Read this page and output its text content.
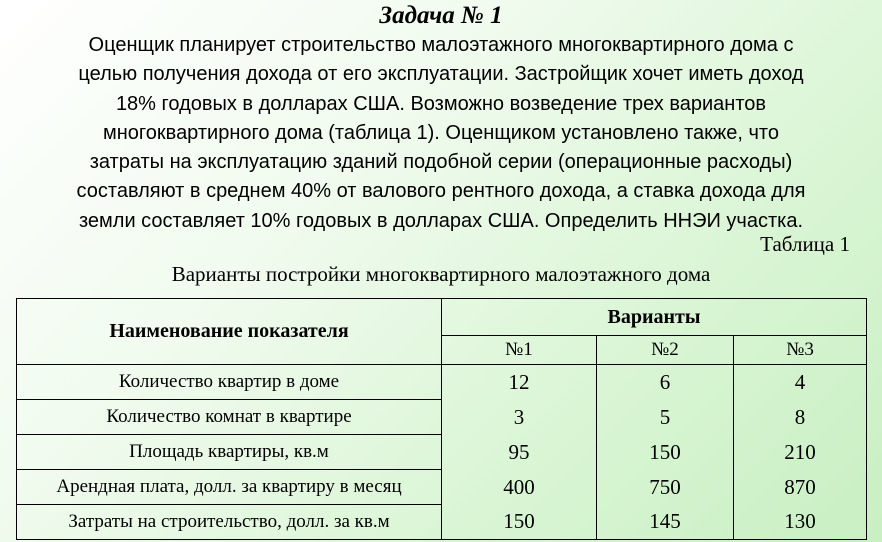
Задача № 1
Оценщик планирует строительство малоэтажного многоквартирного дома с
целью получения дохода от его эксплуатации. Застройщик хочет иметь доход
18% годовых в долларах США. Возможно возведение трех вариантов
многоквартирного дома (таблица 1). Оценщиком установлено также, что
затраты на эксплуатацию зданий подобной серии (операционные расходы)
составляют в среднем 40% от валового рентного дохода, а ставка дохода для
земли составляет 10% годовых в долларах США. Определить ННЭИ участка.
Таблица 1
Варианты постройки многоквартирного малоэтажного дома
Наименование показателя	Варианты		
	№1	№2	№3
Количество квартир в доме	12	6	4
Количество комнат в квартире	3	5	8
Площадь квартиры, кв.м	95	150	210
Арендная плата, долл. за квартиру в месяц	400	750	870
Затраты на строительство, долл. за кв.м	150	145	130
